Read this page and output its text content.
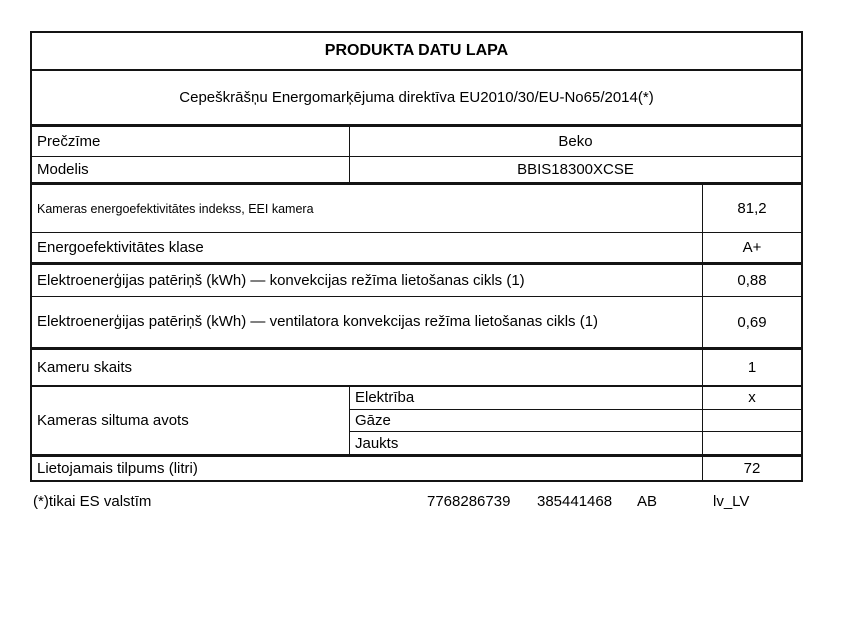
PRODUKTA DATU LAPA
Cepeškrāšņu Energomarķējuma direktīva EU2010/30/EU-No65/2014(*)
Prečzīme	Beko
Modelis	BBIS18300XCSE
Kameras energoefektivitātes indekss, EEI kamera	81,2
Energoefektivitātes klase	A+
Elektroenerģijas patēriņš (kWh) — konvekcijas režīma lietošanas cikls (1)	0,88
Elektroenerģijas patēriņš (kWh) — ventilatora konvekcijas režīma lietošanas cikls (1)	0,69
Kameru skaits	1
Kameras siltuma avots
Elektrība	x
Gāze
Jaukts
Lietojamais tilpums (litri)	72
(*)tikai ES valstīm	7768286739 385441468 AB	lv_LV
